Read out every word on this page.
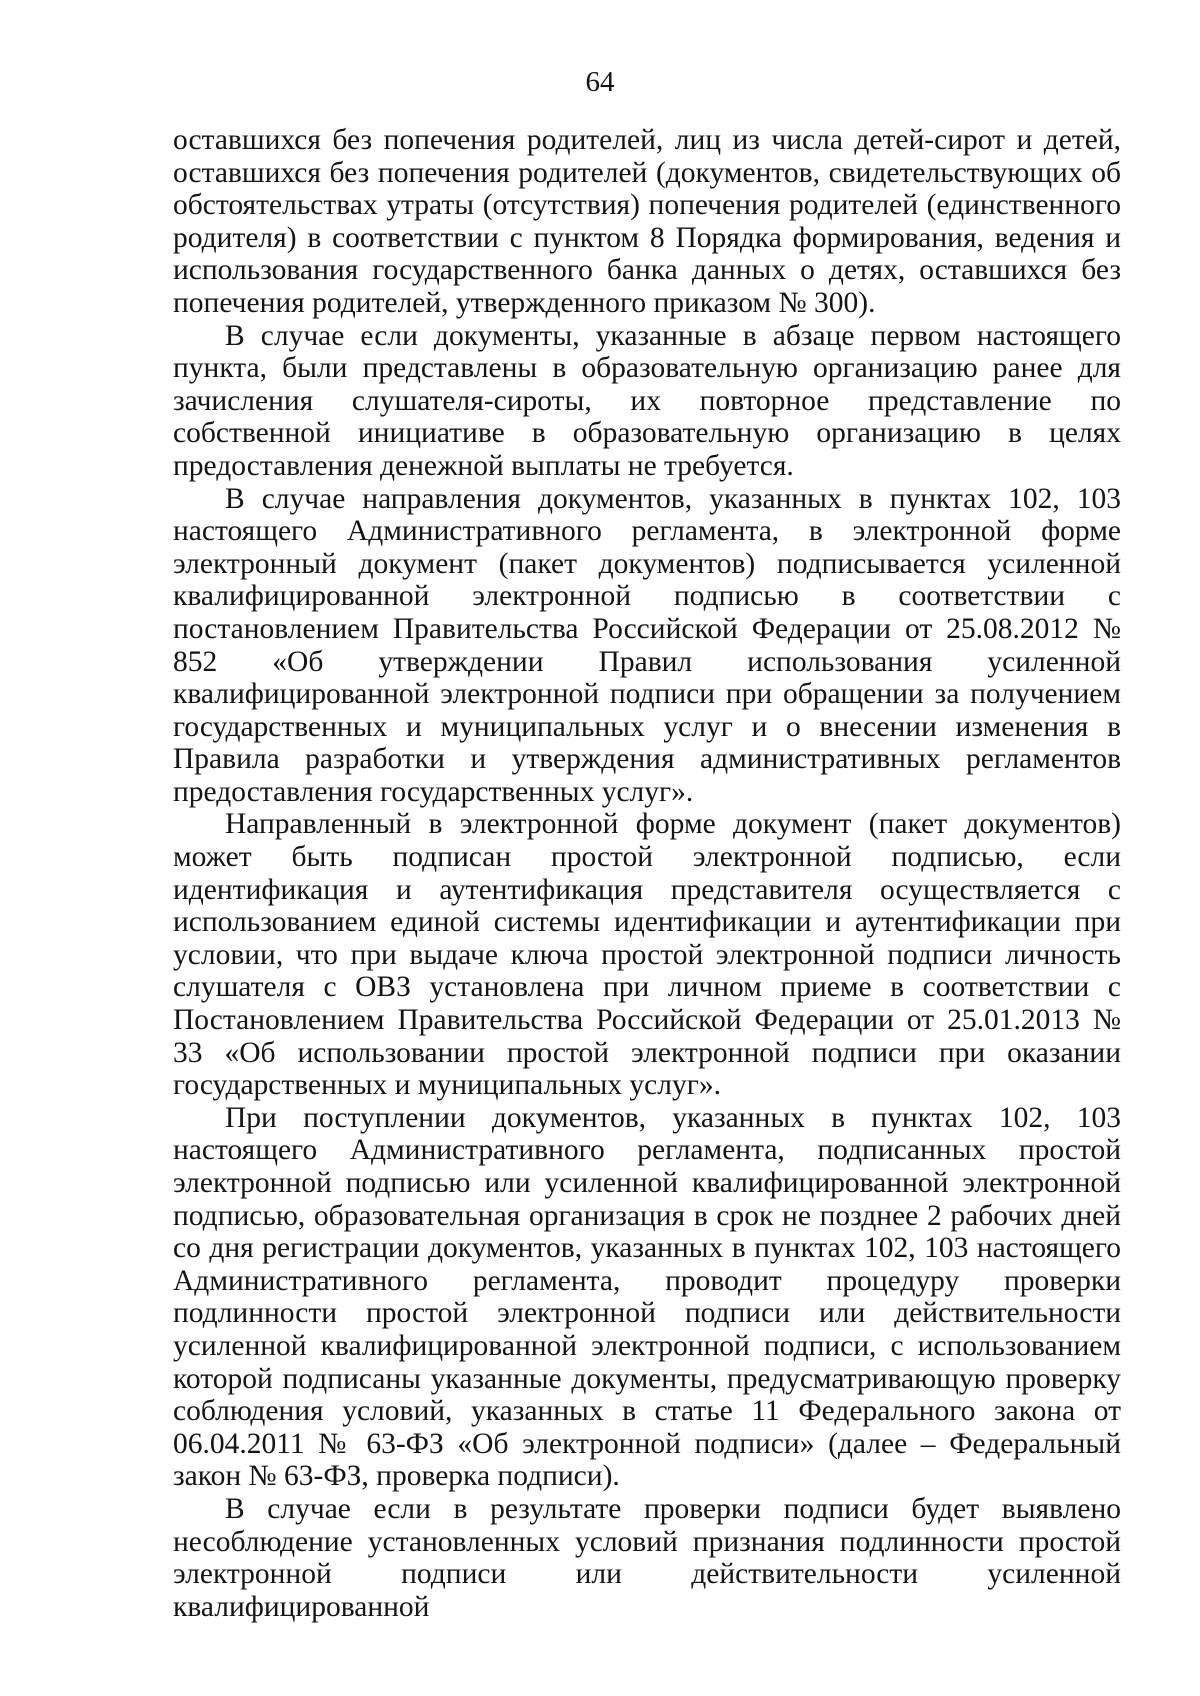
64

оставшихся без попечения родителей, лиц из числа детей-сирот и детей, оставшихся без попечения родителей (документов, свидетельствующих об обстоятельствах утраты (отсутствия) попечения родителей (единственного родителя) в соответствии с пунктом 8 Порядка формирования, ведения и использования государственного банка данных о детях, оставшихся без попечения родителей, утвержденного приказом № 300).

В случае если документы, указанные в абзаце первом настоящего пункта, были представлены в образовательную организацию ранее для зачисления слушателя-сироты, их повторное представление по собственной инициативе в образовательную организацию в целях предоставления денежной выплаты не требуется.

В случае направления документов, указанных в пунктах 102, 103 настоящего Административного регламента, в электронной форме электронный документ (пакет документов) подписывается усиленной квалифицированной электронной подписью в соответствии с постановлением Правительства Российской Федерации от 25.08.2012 № 852 «Об утверждении Правил использования усиленной квалифицированной электронной подписи при обращении за получением государственных и муниципальных услуг и о внесении изменения в Правила разработки и утверждения административных регламентов предоставления государственных услуг».

Направленный в электронной форме документ (пакет документов) может быть подписан простой электронной подписью, если идентификация и аутентификация представителя осуществляется с использованием единой системы идентификации и аутентификации при условии, что при выдаче ключа простой электронной подписи личность слушателя с ОВЗ установлена при личном приеме в соответствии с Постановлением Правительства Российской Федерации от 25.01.2013 № 33 «Об использовании простой электронной подписи при оказании государственных и муниципальных услуг».

При поступлении документов, указанных в пунктах 102, 103 настоящего Административного регламента, подписанных простой электронной подписью или усиленной квалифицированной электронной подписью, образовательная организация в срок не позднее 2 рабочих дней со дня регистрации документов, указанных в пунктах 102, 103 настоящего Административного регламента, проводит процедуру проверки подлинности простой электронной подписи или действительности усиленной квалифицированной электронной подписи, с использованием которой подписаны указанные документы, предусматривающую проверку соблюдения условий, указанных в статье 11 Федерального закона от 06.04.2011 № 63-ФЗ «Об электронной подписи» (далее – Федеральный закон № 63-ФЗ, проверка подписи).

В случае если в результате проверки подписи будет выявлено несоблюдение установленных условий признания подлинности простой электронной подписи или действительности усиленной квалифицированной
